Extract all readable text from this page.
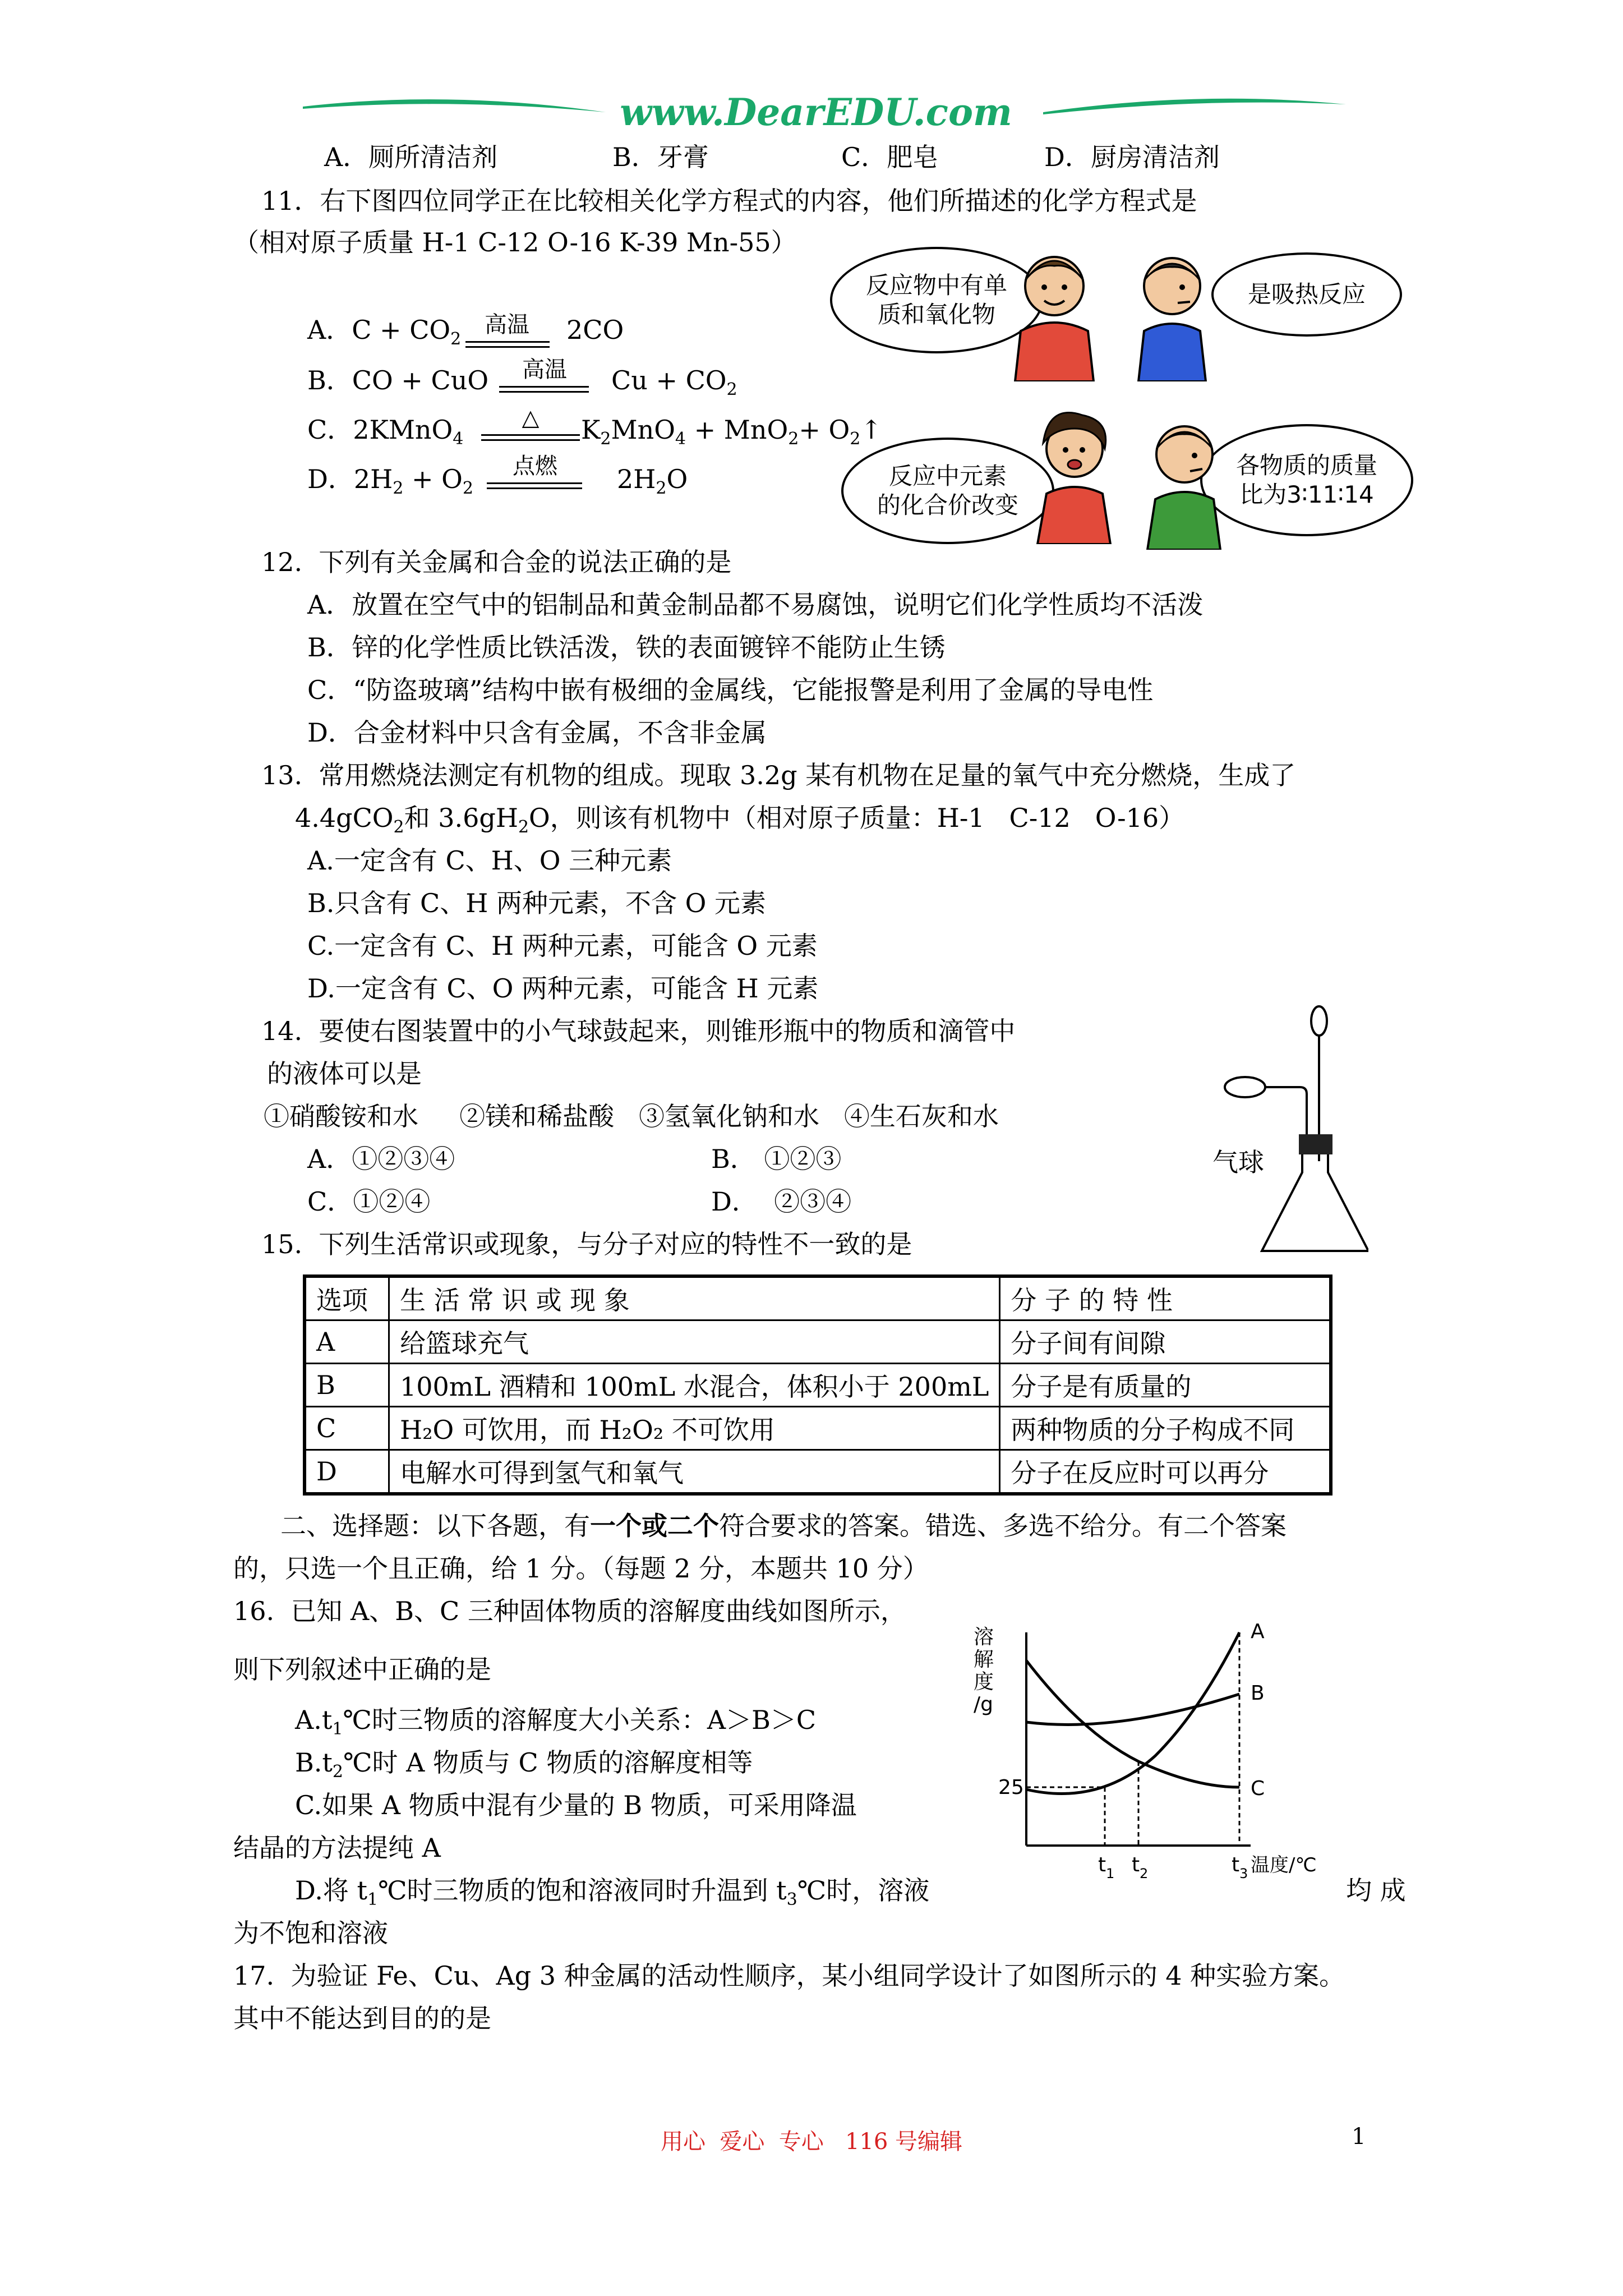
www.DearEDU.com
A．厕所清洁剂	B．牙膏	C．肥皂	D．厨房清洁剂
11．右下图四位同学正在比较相关化学方程式的内容，他们所描述的化学方程式是
（相对原子质量 H-1 C-12 O-16 K-39 Mn-55）
A．$C + CO_2$
高温	2CO
B．CO + CuO	高温	$Cu + CO_2$
C．2KMnO$_4$
△	$K_2MnO_4 + MnO_2+$ $O_2↑$
D．$2H_2 + O_2$
点燃	$2H_2O$
反应物中有单
质和氧化物
是吸热反应
反应中元素
的化合价改变
各物质的质量
比为3∶11∶14
12.  下列有关金属和合金的说法正确的是
A．放置在空气中的铝制品和黄金制品都不易腐蚀，说明它们化学性质均不活泼
B．锌的化学性质比铁活泼，铁的表面镀锌不能防止生锈
C．“防盗玻璃”结构中嵌有极细的金属线，它能报警是利用了金属的导电性
D．合金材料中只含有金属，不含非金属
13.  常用燃烧法测定有机物的组成。现取 3.2g 某有机物在足量的氧气中充分燃烧，生成了
4.4gCO$_2$和 $3.6gH_2O$，则该有机物中（相对原子质量：H-1   C-12   O-16）
A.一定含有 C、H、O 三种元素
B.只含有 C、H 两种元素，不含 O 元素
C.一定含有 C、H 两种元素，可能含 O 元素
D.一定含有 C、O 两种元素，可能含 H 元素
14.  要使右图装置中的小气球鼓起来，则锥形瓶中的物质和滴管中
的液体可以是
①硝酸铵和水     ②镁和稀盐酸   ③氢氧化钠和水   ④生石灰和水
A．①②③④	B． ①②③
C．①②④	D．  ②③④
气球
15.  下列生活常识或现象，与分子对应的特性不一致的是
选项	生 活 常 识 或 现 象	分 子 的 特 性
A	给篮球充气	分子间有间隙
B	100mL 酒精和 100mL 水混合，体积小于 200mL	分子是有质量的
C	H₂O 可饮用，而 H₂O₂ 不可饮用	两种物质的分子构成不同
D	电解水可得到氢气和氧气	分子在反应时可以再分
二、选择题：以下各题，有一个或二个符合要求的答案。错选、多选不给分。有二个答案
的，只选一个且正确，给 1 分。（每题 2 分，本题共 10 分）
16.  已知 A、B、C 三种固体物质的溶解度曲线如图所示，
则下列叙述中正确的是
$A.t_1℃$时三物质的溶解度大小关系：A＞B＞C
$B.t_2℃$时 A 物质与 C 物质的溶解度相等
C.如果 A 物质中混有少量的 B 物质，可采用降温
结晶的方法提纯 A
D.将 $t_1℃$时三物质的饱和溶液同时升温到 $t_3℃$时，溶液	均 成
为不饱和溶液
溶
解
度
/g
25
A
B
C
t 1 t 2	t 3 温度/℃
17.  为验证 Fe、Cu、Ag 3 种金属的活动性顺序，某小组同学设计了如图所示的 4 种实验方案。
其中不能达到目的的是
用心  爱心  专心   116 号编辑	1
